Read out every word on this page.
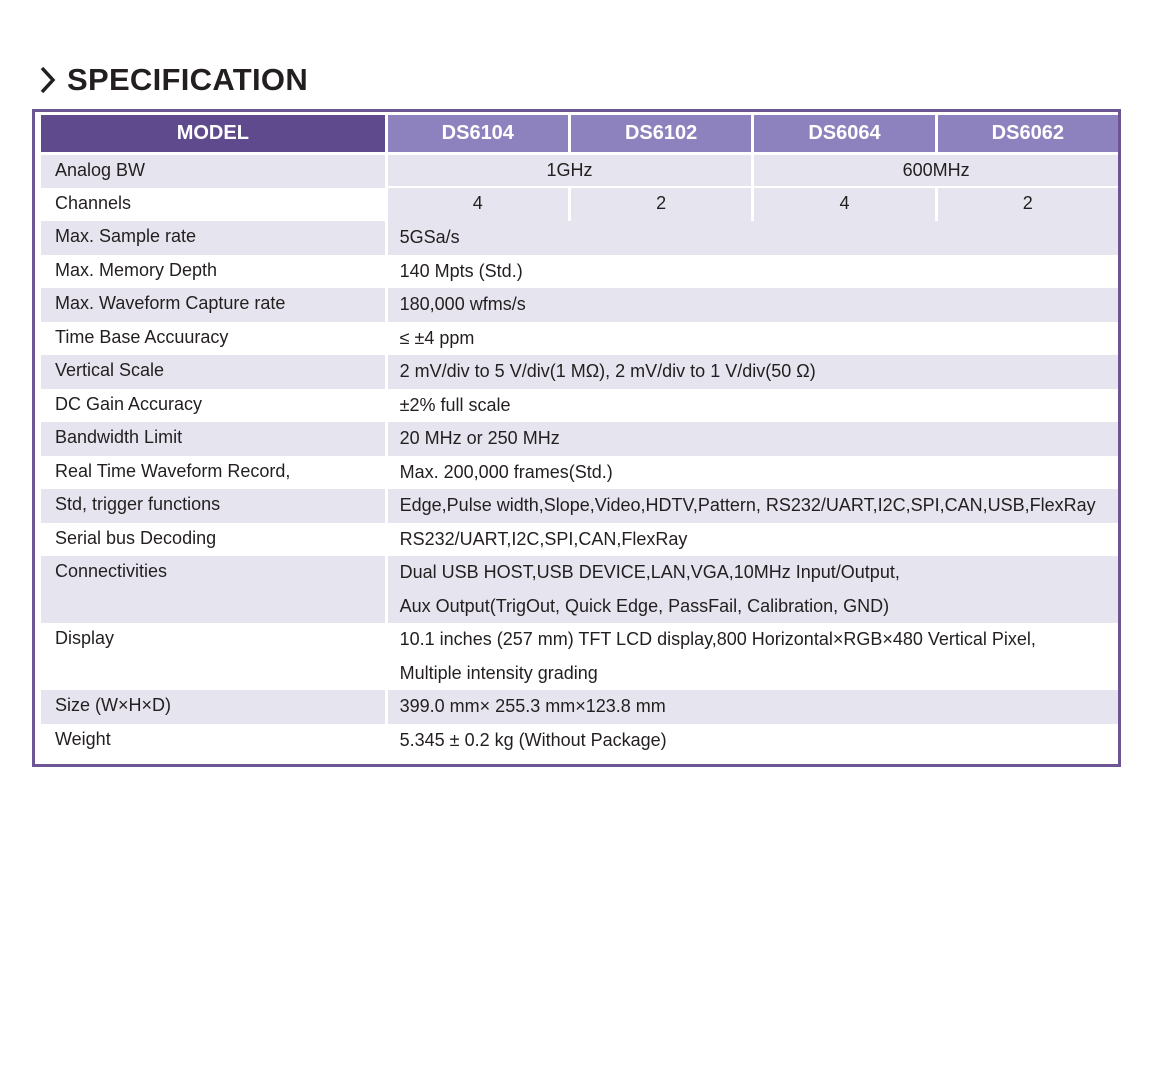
SPECIFICATION
MODEL	DS6104	DS6102	DS6064	DS6062
Analog BW	1GHz		600MHz	
Channels	4	2	4	2
Max. Sample rate	5GSa/s			

Max. Memory Depth	140 Mpts (Std.)			

Max. Waveform Capture rate	180,000 wfms/s			

Time Base Accuuracy	≤ ±4 ppm			

Vertical Scale	2 mV/div to 5 V/div(1 MΩ), 2 mV/div to 1 V/div(50 Ω)			

DC Gain Accuracy	±2% full scale			

Bandwidth Limit	20 MHz or 250 MHz			

Real Time Waveform Record,	Max. 200,000 frames(Std.)			

Std, trigger functions	Edge,Pulse width,Slope,Video,HDTV,Pattern, RS232/UART,I2C,SPI,CAN,USB,FlexRay			

Serial bus Decoding	RS232/UART,I2C,SPI,CAN,FlexRay			

Connectivities	Dual USB HOST,USB DEVICE,LAN,VGA,10MHz Input/Output,
Aux Output(TrigOut, Quick Edge, PassFail, Calibration, GND)			

Display	10.1 inches (257 mm) TFT LCD display,800 Horizontal×RGB×480 Vertical Pixel,
Multiple intensity grading			

Size (W×H×D)	399.0 mm× 255.3 mm×123.8 mm			

Weight	5.345 ± 0.2 kg (Without Package)			
